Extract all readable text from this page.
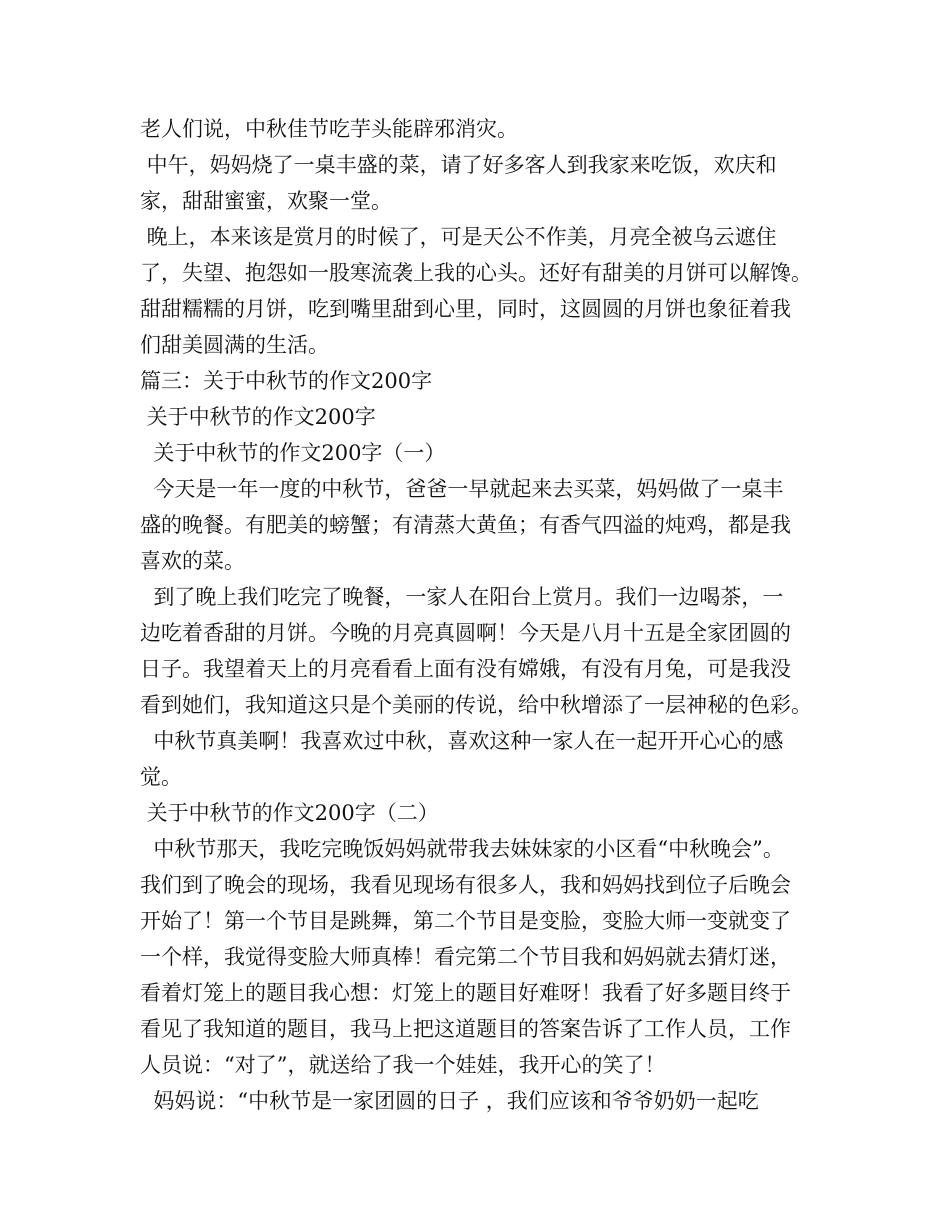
老人们说，中秋佳节吃芋头能辟邪消灾。
中午，妈妈烧了一桌丰盛的菜，请了好多客人到我家来吃饭，欢庆和
家，甜甜蜜蜜，欢聚一堂。
晚上，本来该是赏月的时候了，可是天公不作美，月亮全被乌云遮住
了，失望、抱怨如一股寒流袭上我的心头。还好有甜美的月饼可以解馋。
甜甜糯糯的月饼，吃到嘴里甜到心里，同时，这圆圆的月饼也象征着我
们甜美圆满的生活。
篇三：关于中秋节的作文200字
关于中秋节的作文200字
关于中秋节的作文200字（一）
今天是一年一度的中秋节，爸爸一早就起来去买菜，妈妈做了一桌丰
盛的晚餐。有肥美的螃蟹；有清蒸大黄鱼；有香气四溢的炖鸡，都是我
喜欢的菜。
到了晚上我们吃完了晚餐，一家人在阳台上赏月。我们一边喝茶，一
边吃着香甜的月饼。今晚的月亮真圆啊！今天是八月十五是全家团圆的
日子。我望着天上的月亮看看上面有没有嫦娥，有没有月兔，可是我没
看到她们，我知道这只是个美丽的传说，给中秋增添了一层神秘的色彩。
中秋节真美啊！我喜欢过中秋，喜欢这种一家人在一起开开心心的感
觉。
关于中秋节的作文200字（二）
中秋节那天，我吃完晚饭妈妈就带我去妹妹家的小区看“中秋晚会”。
我们到了晚会的现场，我看见现场有很多人，我和妈妈找到位子后晚会
开始了！第一个节目是跳舞，第二个节目是变脸，变脸大师一变就变了
一个样，我觉得变脸大师真棒！看完第二个节目我和妈妈就去猜灯迷，
看着灯笼上的题目我心想：灯笼上的题目好难呀！我看了好多题目终于
看见了我知道的题目，我马上把这道题目的答案告诉了工作人员，工作
人员说：“对了”，就送给了我一个娃娃，我开心的笑了！
妈妈说：“中秋节是一家团圆的日子 ，我们应该和爷爷奶奶一起吃
